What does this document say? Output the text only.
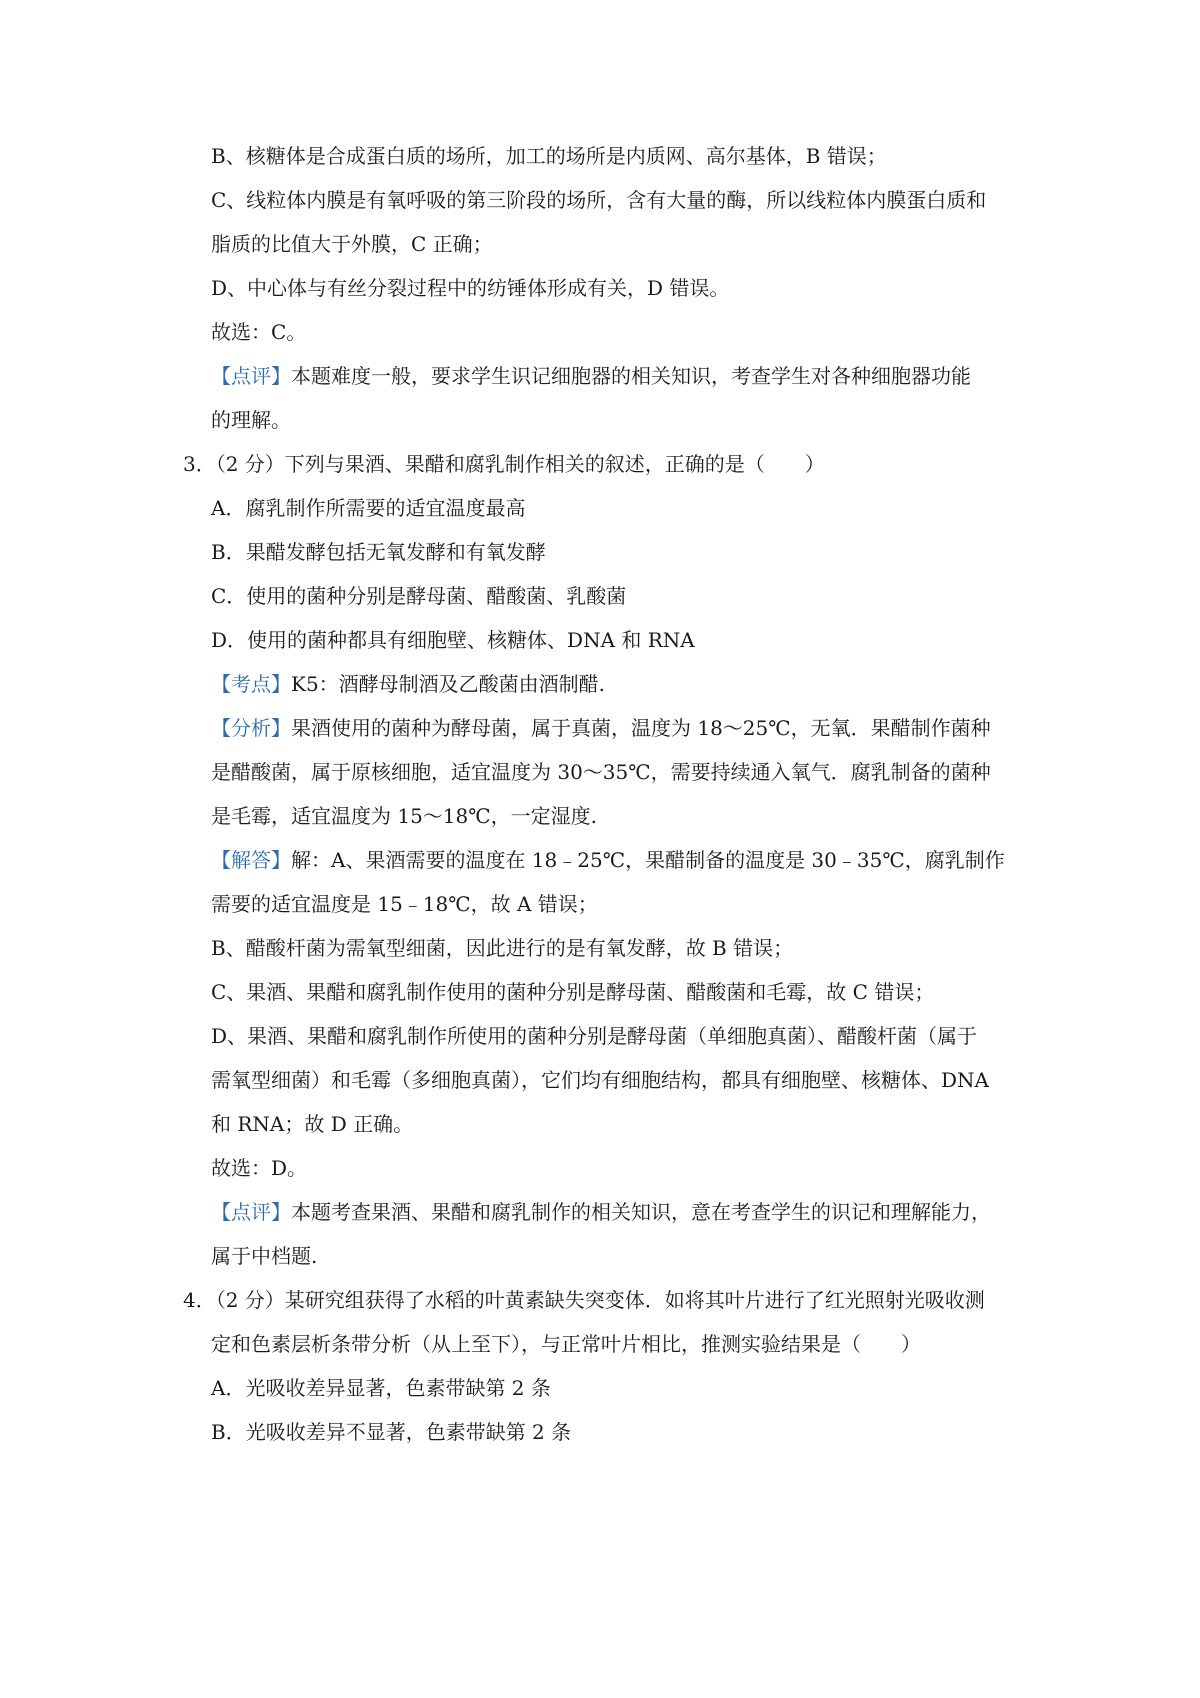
B、核糖体是合成蛋白质的场所，加工的场所是内质网、高尔基体，B 错误；
C、线粒体内膜是有氧呼吸的第三阶段的场所，含有大量的酶，所以线粒体内膜蛋白质和
脂质的比值大于外膜，C 正确；
D、中心体与有丝分裂过程中的纺锤体形成有关，D 错误。
故选：C。
【点评】本题难度一般，要求学生识记细胞器的相关知识，考查学生对各种细胞器功能
的理解。
3．（2 分）下列与果酒、果醋和腐乳制作相关的叙述，正确的是（　　）
A．腐乳制作所需要的适宜温度最高
B．果醋发酵包括无氧发酵和有氧发酵
C．使用的菌种分别是酵母菌、醋酸菌、乳酸菌
D．使用的菌种都具有细胞壁、核糖体、DNA 和 RNA
【考点】K5：酒酵母制酒及乙酸菌由酒制醋.
【分析】果酒使用的菌种为酵母菌，属于真菌，温度为 18～25℃，无氧．果醋制作菌种
是醋酸菌，属于原核细胞，适宜温度为 30～35℃，需要持续通入氧气．腐乳制备的菌种
是毛霉，适宜温度为 15～18℃，一定湿度.
【解答】解：A、果酒需要的温度在 18﹣25℃，果醋制备的温度是 30﹣35℃，腐乳制作
需要的适宜温度是 15﹣18℃，故 A 错误；
B、醋酸杆菌为需氧型细菌，因此进行的是有氧发酵，故 B 错误；
C、果酒、果醋和腐乳制作使用的菌种分别是酵母菌、醋酸菌和毛霉，故 C 错误；
D、果酒、果醋和腐乳制作所使用的菌种分别是酵母菌（单细胞真菌）、醋酸杆菌（属于
需氧型细菌）和毛霉（多细胞真菌），它们均有细胞结构，都具有细胞壁、核糖体、DNA
和 RNA；故 D 正确。
故选：D。
【点评】本题考查果酒、果醋和腐乳制作的相关知识，意在考查学生的识记和理解能力，
属于中档题.
4．（2 分）某研究组获得了水稻的叶黄素缺失突变体．如将其叶片进行了红光照射光吸收测
定和色素层析条带分析（从上至下），与正常叶片相比，推测实验结果是（　　）
A．光吸收差异显著，色素带缺第 2 条
B．光吸收差异不显著，色素带缺第 2 条
